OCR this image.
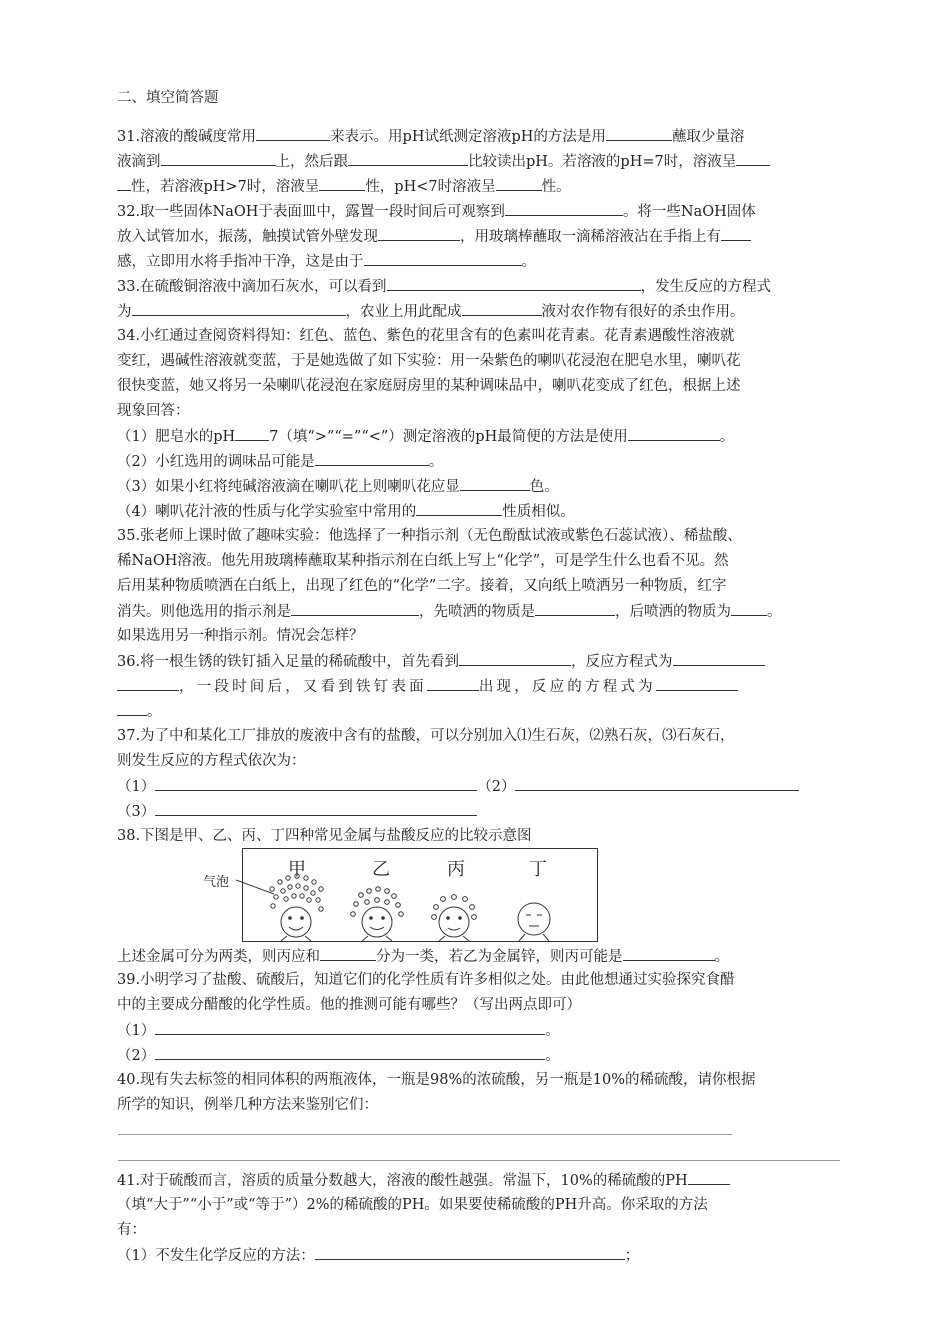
二、填空简答题
31.溶液的酸碱度常用	来表示。用pH试纸测定溶液pH的方法是用	蘸取少量溶
液滴到	上，然后跟	比较读出pH。若溶液的pH=7时，溶液呈
性，若溶液pH>7时，溶液呈	性，pH<7时溶液呈	性。
32.取一些固体NaOH于表面皿中，露置一段时间后可观察到	。将一些NaOH固体
放入试管加水，振荡，触摸试管外壁发现	，用玻璃棒蘸取一滴稀溶液沾在手指上有
感，立即用水将手指冲干净，这是由于	。
33.在硫酸铜溶液中滴加石灰水，可以看到	，发生反应的方程式
为	，农业上用此配成	液对农作物有很好的杀虫作用。
34.小红通过查阅资料得知：红色、蓝色、紫色的花里含有的色素叫花青素。花青素遇酸性溶液就
变红，遇碱性溶液就变蓝，于是她选做了如下实验：用一朵紫色的喇叭花浸泡在肥皂水里，喇叭花
很快变蓝，她又将另一朵喇叭花浸泡在家庭厨房里的某种调味品中，喇叭花变成了红色，根据上述
现象回答：
（1）肥皂水的pH 7（填“>”“=”“<”）测定溶液的pH最简便的方法是使用	。
（2）小红选用的调味品可能是	。
（3）如果小红将纯碱溶液滴在喇叭花上则喇叭花应显	色。
（4）喇叭花汁液的性质与化学实验室中常用的	性质相似。
35.张老师上课时做了趣味实验：他选择了一种指示剂（无色酚酞试液或紫色石蕊试液）、稀盐酸、
稀NaOH溶液。他先用玻璃棒蘸取某种指示剂在白纸上写上“化学”，可是学生什么也看不见。然
后用某种物质喷洒在白纸上，出现了红色的“化学”二字。接着，又向纸上喷洒另一种物质，红字
消失。则他选用的指示剂是	，先喷洒的物质是	，后喷洒的物质为 。
如果选用另一种指示剂。情况会怎样？
36.将一根生锈的铁钉插入足量的稀硫酸中，首先看到	，反应方程式为
，一段时间后，又看到铁钉表面	出现，反应的方程式为
。
37.为了中和某化工厂排放的废液中含有的盐酸，可以分别加入⑴生石灰，⑵熟石灰，⑶石灰石，
则发生反应的方程式依次为：
（1）	（2）
（3）
38.下图是甲、乙、丙、丁四种常见金属与盐酸反应的比较示意图
甲	乙	丙	丁
气泡
上述金属可分为两类，则丙应和	分为一类，若乙为金属锌，则丙可能是	。
39.小明学习了盐酸、硫酸后，知道它们的化学性质有许多相似之处。由此他想通过实验探究食醋
中的主要成分醋酸的化学性质。他的推测可能有哪些？（写出两点即可）
（1）	。
（2）	。
40.现有失去标签的相同体积的两瓶液体，一瓶是98%的浓硫酸，另一瓶是10%的稀硫酸，请你根据
所学的知识，例举几种方法来鉴别它们：
41.对于硫酸而言，溶质的质量分数越大，溶液的酸性越强。常温下，10%的稀硫酸的PH
（填“大于”“小于”或“等于”）2%的稀硫酸的PH。如果要使稀硫酸的PH升高。你采取的方法
有：
（1）不发生化学反应的方法：	；
